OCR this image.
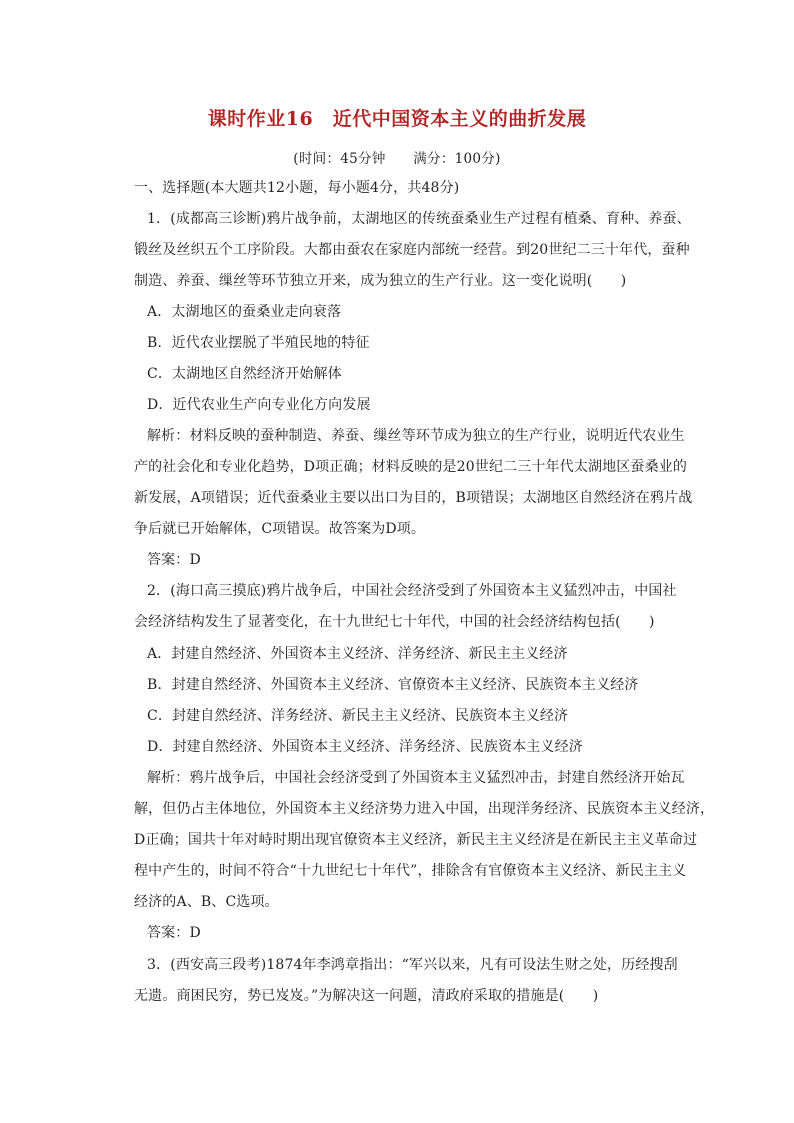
课时作业16　近代中国资本主义的曲折发展
(时间：45分钟　　满分：100分)
一、选择题(本大题共12小题，每小题4分，共48分)
1．(成都高三诊断)鸦片战争前，太湖地区的传统蚕桑业生产过程有植桑、育种、养蚕、
锻丝及丝织五个工序阶段。大都由蚕农在家庭内部统一经营。到20世纪二三十年代，蚕种
制造、养蚕、缫丝等环节独立开来，成为独立的生产行业。这一变化说明(　　)
A．太湖地区的蚕桑业走向衰落
B．近代农业摆脱了半殖民地的特征
C．太湖地区自然经济开始解体
D．近代农业生产向专业化方向发展
解析：材料反映的蚕种制造、养蚕、缫丝等环节成为独立的生产行业，说明近代农业生
产的社会化和专业化趋势，D项正确；材料反映的是20世纪二三十年代太湖地区蚕桑业的
新发展，A项错误；近代蚕桑业主要以出口为目的，B项错误；太湖地区自然经济在鸦片战
争后就已开始解体，C项错误。故答案为D项。
答案：D
2．(海口高三摸底)鸦片战争后，中国社会经济受到了外国资本主义猛烈冲击，中国社
会经济结构发生了显著变化，在十九世纪七十年代，中国的社会经济结构包括(　　)
A．封建自然经济、外国资本主义经济、洋务经济、新民主主义经济
B．封建自然经济、外国资本主义经济、官僚资本主义经济、民族资本主义经济
C．封建自然经济、洋务经济、新民主主义经济、民族资本主义经济
D．封建自然经济、外国资本主义经济、洋务经济、民族资本主义经济
解析：鸦片战争后，中国社会经济受到了外国资本主义猛烈冲击，封建自然经济开始瓦
解，但仍占主体地位，外国资本主义经济势力进入中国，出现洋务经济、民族资本主义经济，
D正确；国共十年对峙时期出现官僚资本主义经济，新民主主义经济是在新民主主义革命过
程中产生的，时间不符合“十九世纪七十年代”，排除含有官僚资本主义经济、新民主主义
经济的A、B、C选项。
答案：D
3．(西安高三段考)1874年李鸿章指出：“军兴以来，凡有可设法生财之处，历经搜刮
无遗。商困民穷，势已岌岌。”为解决这一问题，清政府采取的措施是(　　)
